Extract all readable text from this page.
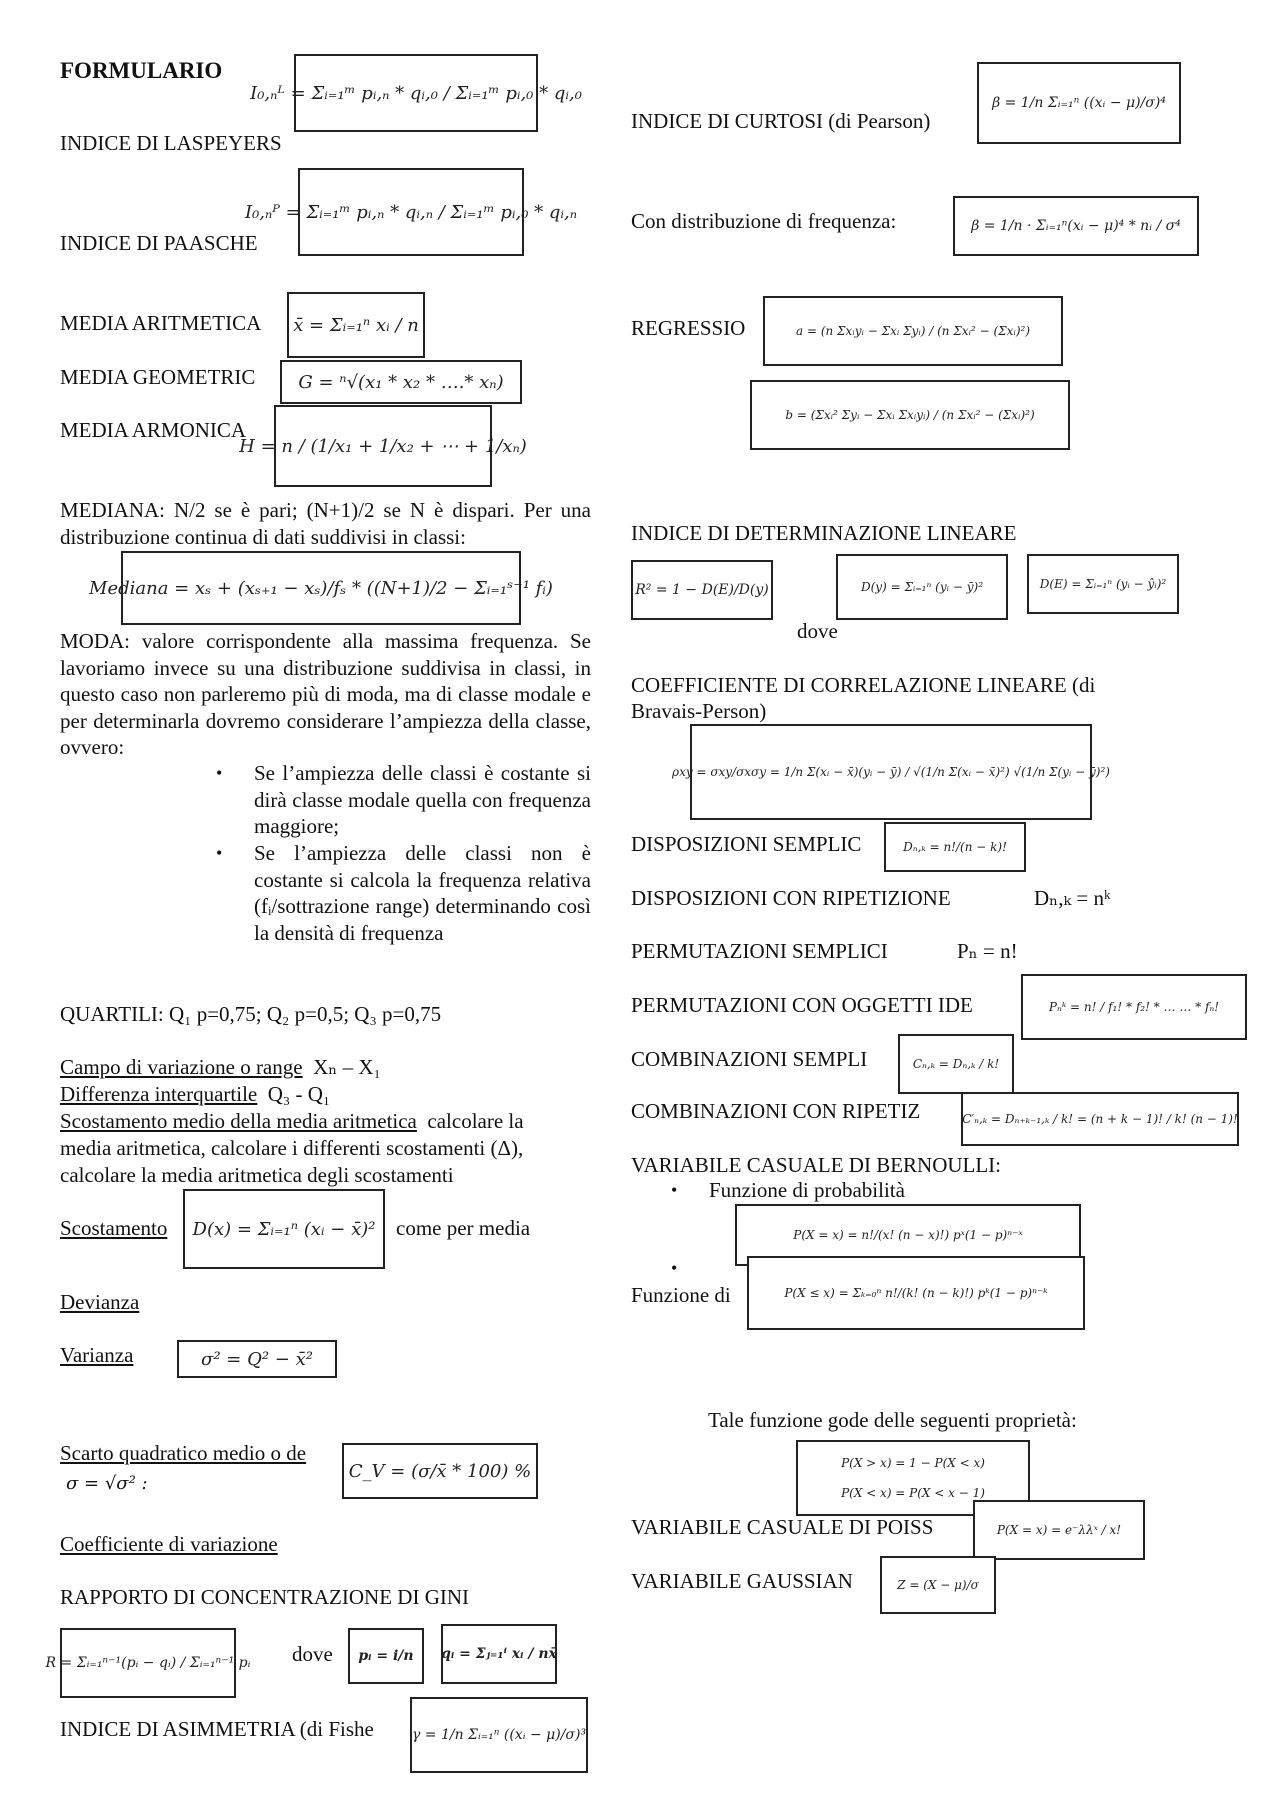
FORMULARIO
I₀,ₙᴸ = Σᵢ₌₁ᵐ pᵢ,ₙ * qᵢ,₀ / Σᵢ₌₁ᵐ pᵢ,₀ * qᵢ,₀
INDICE DI LASPEYERS
I₀,ₙᴾ = Σᵢ₌₁ᵐ pᵢ,ₙ * qᵢ,ₙ / Σᵢ₌₁ᵐ pᵢ,₀ * qᵢ,ₙ
INDICE DI PAASCHE
MEDIA ARITMETICA	x̄ = Σᵢ₌₁ⁿ xᵢ / n
MEDIA GEOMETRIC	G = ⁿ√(x₁ * x₂ * ….* xₙ)
MEDIA ARMONICA
H = n / (1/x₁ + 1/x₂ + ⋯ + 1/xₙ)
MEDIANA: N/2 se è pari; (N+1)/2 se N è dispari. Per una distribuzione continua di dati suddivisi in classi:
Mediana = xₛ + (xₛ₊₁ − xₛ)/fₛ * ((N+1)/2 − Σᵢ₌₁ˢ⁻¹ fᵢ)
MODA: valore corrispondente alla massima frequenza. Se lavoriamo invece su una distribuzione suddivisa in classi, in questo caso non parleremo più di moda, ma di classe modale e per determinarla dovremo considerare l’ampiezza della classe, ovvero:
• Se l’ampiezza delle classi è costante si dirà classe modale quella con frequenza maggiore;
• Se l’ampiezza delle classi non è costante si calcola la frequenza relativa (fᵢ/sottrazione range) determinando così la densità di frequenza
QUARTILI: Q₁ p=0,75; Q₂ p=0,5; Q₃ p=0,75
Campo di variazione o range Xₙ – X₁
Differenza interquartile Q₃ - Q₁
Scostamento medio della media aritmetica calcolare la
media aritmetica, calcolare i differenti scostamenti (Δ),
calcolare la media aritmetica degli scostamenti
Scostamento	D(x) = Σᵢ₌₁ⁿ (xᵢ − x̄)² come per media
Devianza
Varianza	σ² = Q² − x̄²
Scarto quadratico medio o de
σ = √σ² :
C_V = (σ/x̄ * 100) %
Coefficiente di variazione
RAPPORTO DI CONCENTRAZIONE DI GINI
R = Σᵢ₌₁ⁿ⁻¹(pᵢ − qᵢ) / Σᵢ₌₁ⁿ⁻¹ pᵢ dove	pᵢ = i/n	qᵢ = Σⱼ₌₁ⁱ xᵢ / nx̄
INDICE DI ASIMMETRIA (di Fishe	γ = 1/n Σᵢ₌₁ⁿ ((xᵢ − μ)/σ)³
INDICE DI CURTOSI (di Pearson)
β = 1/n Σᵢ₌₁ⁿ ((xᵢ − μ)/σ)⁴
Con distribuzione di frequenza:	β = 1/n · Σᵢ₌₁ⁿ(xᵢ − μ)⁴ * nᵢ / σ⁴
REGRESSIO	a = (n Σxᵢyᵢ − Σxᵢ Σyᵢ) / (n Σxᵢ² − (Σxᵢ)²)
b = (Σxᵢ² Σyᵢ − Σxᵢ Σxᵢyᵢ) / (n Σxᵢ² − (Σxᵢ)²)
INDICE DI DETERMINAZIONE LINEARE
R² = 1 − D(E)/D(y)	D(y) = Σᵢ₌₁ⁿ (yᵢ − ȳ)²	D(E) = Σᵢ₌₁ⁿ (yᵢ − ŷᵢ)²
dove
COEFFICIENTE DI CORRELAZIONE LINEARE (di
Bravais-Person)
ρxy = σxy/σxσy = 1/n Σ(xᵢ − x̄)(yᵢ − ȳ) / √(1/n Σ(xᵢ − x̄)²) √(1/n Σ(yᵢ − ȳ)²)
DISPOSIZIONI SEMPLIC	Dₙ,ₖ = n!/(n − k)!
DISPOSIZIONI CON RIPETIZIONE	Dₙ,ₖ = nᵏ
PERMUTAZIONI SEMPLICI	Pₙ = n!
PERMUTAZIONI CON OGGETTI IDE	Pₙᵏ = n! / f₁! * f₂! * … … * fₙ!
COMBINAZIONI SEMPLI	Cₙ,ₖ = Dₙ,ₖ / k!
COMBINAZIONI CON RIPETIZ	C′ₙ,ₖ = Dₙ₊ₖ₋₁,ₖ / k! = (n + k − 1)! / k! (n − 1)!
VARIABILE CASUALE DI BERNOULLI:
• Funzione di probabilità
P(X = x) = n!/(x! (n − x)!) pˣ(1 − p)ⁿ⁻ˣ
•
Funzione di	P(X ≤ x) = Σₖ₌₀ⁿ n!/(k! (n − k)!) pᵏ(1 − p)ⁿ⁻ᵏ
Tale funzione gode delle seguenti proprietà:
P(X > x) = 1 − P(X < x)
P(X < x) = P(X < x − 1)
VARIABILE CASUALE DI POISS	P(X = x) = e⁻λλˣ / x!
VARIABILE GAUSSIAN	Z = (X − μ)/σ
